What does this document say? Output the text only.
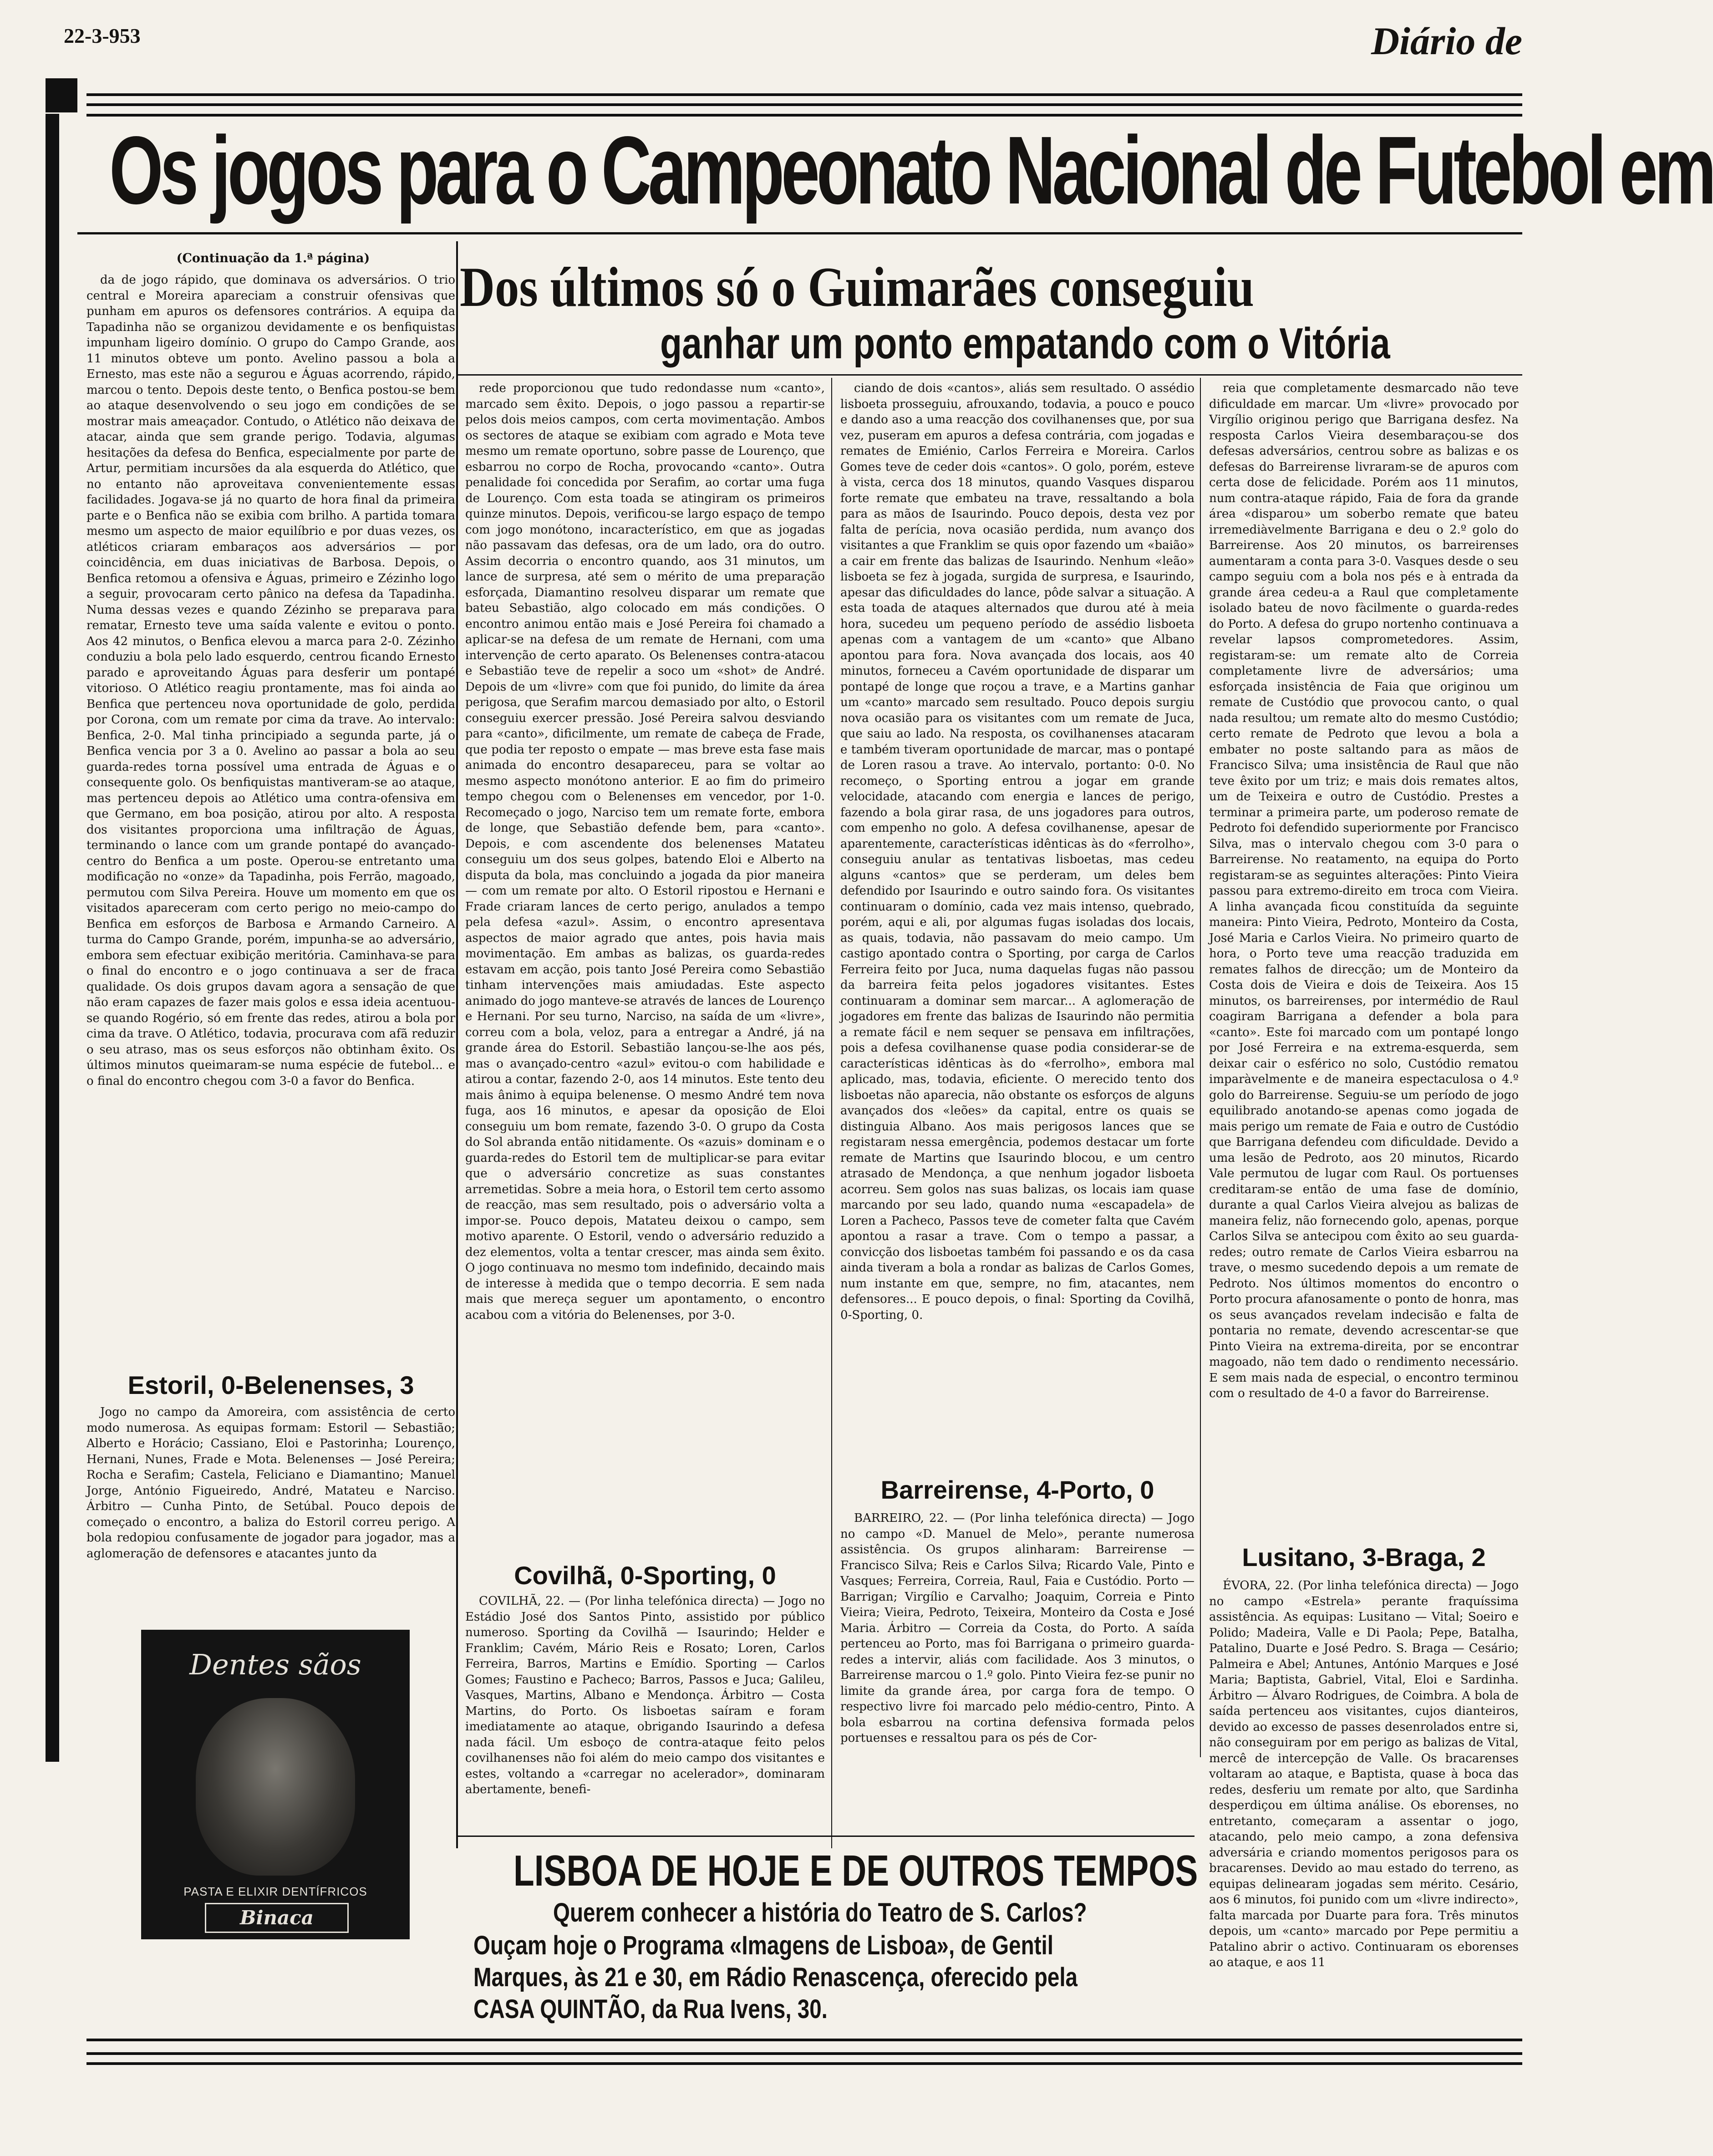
22-3-953	Diário de
Os jogos para o Campeonato Nacional de Futebol em
(Continuação da 1.ª página)

da de jogo rápido, que dominava os adversários. O trio central e Moreira apareciam a construir ofensivas que punham em apuros os defensores contrários. A equipa da Tapadinha não se organizou devidamente e os benfiquistas impunham ligeiro domínio. O grupo do Campo Grande, aos 11 minutos obteve um ponto. Avelino passou a bola a Ernesto, mas este não a segurou e Águas acorrendo, rápido, marcou o tento. Depois deste tento, o Benfica postou-se bem ao ataque desenvolvendo o seu jogo em condições de se mostrar mais ameaçador. Contudo, o Atlético não deixava de atacar, ainda que sem grande perigo. Todavia, algumas hesitações da defesa do Benfica, especialmente por parte de Artur, permitiam incursões da ala esquerda do Atlético, que no entanto não aproveitava convenientemente essas facilidades. Jogava-se já no quarto de hora final da primeira parte e o Benfica não se exibia com brilho. A partida tomara mesmo um aspecto de maior equilíbrio e por duas vezes, os atléticos criaram embaraços aos adversários — por coincidência, em duas iniciativas de Barbosa. Depois, o Benfica retomou a ofensiva e Águas, primeiro e Zézinho logo a seguir, provocaram certo pânico na defesa da Tapadinha. Numa dessas vezes e quando Zézinho se preparava para rematar, Ernesto teve uma saída valente e evitou o ponto. Aos 42 minutos, o Benfica elevou a marca para 2-0. Zézinho conduziu a bola pelo lado esquerdo, centrou ficando Ernesto parado e aproveitando Águas para desferir um pontapé vitorioso. O Atlético reagiu prontamente, mas foi ainda ao Benfica que pertenceu nova oportunidade de golo, perdida por Corona, com um remate por cima da trave. Ao intervalo: Benfica, 2-0. Mal tinha principiado a segunda parte, já o Benfica vencia por 3 a 0. Avelino ao passar a bola ao seu guarda-redes torna possível uma entrada de Águas e o consequente golo. Os benfiquistas mantiveram-se ao ataque, mas pertenceu depois ao Atlético uma contra-ofensiva em que Germano, em boa posição, atirou por alto. A resposta dos visitantes proporciona uma infiltração de Águas, terminando o lance com um grande pontapé do avançado-centro do Benfica a um poste. Operou-se entretanto uma modificação no «onze» da Tapadinha, pois Ferrão, magoado, permutou com Silva Pereira. Houve um momento em que os visitados apareceram com certo perigo no meio-campo do Benfica em esforços de Barbosa e Armando Carneiro. A turma do Campo Grande, porém, impunha-se ao adversário, embora sem efectuar exibição meritória. Caminhava-se para o final do encontro e o jogo continuava a ser de fraca qualidade. Os dois grupos davam agora a sensação de que não eram capazes de fazer mais golos e essa ideia acentuou-se quando Rogério, só em frente das redes, atirou a bola por cima da trave. O Atlético, todavia, procurava com afã reduzir o seu atraso, mas os seus esforços não obtinham êxito. Os últimos minutos queimaram-se numa espécie de futebol... e o final do encontro chegou com 3-0 a favor do Benfica.

Estoril, 0-Belenenses, 3

Jogo no campo da Amoreira, com assistência de certo modo numerosa. As equipas formam: Estoril — Sebastião; Alberto e Horácio; Cassiano, Eloi e Pastorinha; Lourenço, Hernani, Nunes, Frade e Mota. Belenenses — José Pereira; Rocha e Serafim; Castela, Feliciano e Diamantino; Manuel Jorge, António Figueiredo, André, Matateu e Narciso. Árbitro — Cunha Pinto, de Setúbal. Pouco depois de começado o encontro, a baliza do Estoril correu perigo. A bola redopiou confusamente de jogador para jogador, mas a aglomeração de defensores e atacantes junto da

Dentes sãos
PASTA E ELIXIR DENTÍFRICOS
Binaca
Dos últimos só o Guimarães conseguiu
ganhar um ponto empatando com o Vitória

rede proporcionou que tudo redondasse num «canto», marcado sem êxito. Depois, o jogo passou a repartir-se pelos dois meios campos, com certa movimentação. Ambos os sectores de ataque se exibiam com agrado e Mota teve mesmo um remate oportuno, sobre passe de Lourenço, que esbarrou no corpo de Rocha, provocando «canto». Outra penalidade foi concedida por Serafim, ao cortar uma fuga de Lourenço. Com esta toada se atingiram os primeiros quinze minutos. Depois, verificou-se largo espaço de tempo com jogo monótono, incaracterístico, em que as jogadas não passavam das defesas, ora de um lado, ora do outro. Assim decorria o encontro quando, aos 31 minutos, um lance de surpresa, até sem o mérito de uma preparação esforçada, Diamantino resolveu disparar um remate que bateu Sebastião, algo colocado em más condições. O encontro animou então mais e José Pereira foi chamado a aplicar-se na defesa de um remate de Hernani, com uma intervenção de certo aparato. Os Belenenses contra-atacou e Sebastião teve de repelir a soco um «shot» de André. Depois de um «livre» com que foi punido, do limite da área perigosa, que Serafim marcou demasiado por alto, o Estoril conseguiu exercer pressão. José Pereira salvou desviando para «canto», dificilmente, um remate de cabeça de Frade, que podia ter reposto o empate — mas breve esta fase mais animada do encontro desapareceu, para se voltar ao mesmo aspecto monótono anterior. E ao fim do primeiro tempo chegou com o Belenenses em vencedor, por 1-0. Recomeçado o jogo, Narciso tem um remate forte, embora de longe, que Sebastião defende bem, para «canto». Depois, e com ascendente dos belenenses Matateu conseguiu um dos seus golpes, batendo Eloi e Alberto na disputa da bola, mas concluindo a jogada da pior maneira — com um remate por alto. O Estoril ripostou e Hernani e Frade criaram lances de certo perigo, anulados a tempo pela defesa «azul». Assim, o encontro apresentava aspectos de maior agrado que antes, pois havia mais movimentação. Em ambas as balizas, os guarda-redes estavam em acção, pois tanto José Pereira como Sebastião tinham intervenções mais amiudadas. Este aspecto animado do jogo manteve-se através de lances de Lourenço e Hernani. Por seu turno, Narciso, na saída de um «livre», correu com a bola, veloz, para a entregar a André, já na grande área do Estoril. Sebastião lançou-se-lhe aos pés, mas o avançado-centro «azul» evitou-o com habilidade e atirou a contar, fazendo 2-0, aos 14 minutos. Este tento deu mais ânimo à equipa belenense. O mesmo André tem nova fuga, aos 16 minutos, e apesar da oposição de Eloi conseguiu um bom remate, fazendo 3-0. O grupo da Costa do Sol abranda então nitidamente. Os «azuis» dominam e o guarda-redes do Estoril tem de multiplicar-se para evitar que o adversário concretize as suas constantes arremetidas. Sobre a meia hora, o Estoril tem certo assomo de reacção, mas sem resultado, pois o adversário volta a impor-se. Pouco depois, Matateu deixou o campo, sem motivo aparente. O Estoril, vendo o adversário reduzido a dez elementos, volta a tentar crescer, mas ainda sem êxito. O jogo continuava no mesmo tom indefinido, decaindo mais de interesse à medida que o tempo decorria. E sem nada mais que mereça seguer um apontamento, o encontro acabou com a vitória do Belenenses, por 3-0.

Covilhã, 0-Sporting, 0

COVILHÃ, 22. — (Por linha telefónica directa) — Jogo no Estádio José dos Santos Pinto, assistido por público numeroso. Sporting da Covilhã — Isaurindo; Helder e Franklim; Cavém, Mário Reis e Rosato; Loren, Carlos Ferreira, Barros, Martins e Emídio. Sporting — Carlos Gomes; Faustino e Pacheco; Barros, Passos e Juca; Galileu, Vasques, Martins, Albano e Mendonça. Árbitro — Costa Martins, do Porto. Os lisboetas saíram e foram imediatamente ao ataque, obrigando Isaurindo a defesa nada fácil. Um esboço de contra-ataque feito pelos covilhanenses não foi além do meio campo dos visitantes e estes, voltando a «carregar no acelerador», dominaram abertamente, benefi-

ciando de dois «cantos», aliás sem resultado. O assédio lisboeta prosseguiu, afrouxando, todavia, a pouco e pouco e dando aso a uma reacção dos covilhanenses que, por sua vez, puseram em apuros a defesa contrária, com jogadas e remates de Emiénio, Carlos Ferreira e Moreira. Carlos Gomes teve de ceder dois «cantos». O golo, porém, esteve à vista, cerca dos 18 minutos, quando Vasques disparou forte remate que embateu na trave, ressaltando a bola para as mãos de Isaurindo. Pouco depois, desta vez por falta de perícia, nova ocasião perdida, num avanço dos visitantes a que Franklim se quis opor fazendo um «baião» a cair em frente das balizas de Isaurindo. Nenhum «leão» lisboeta se fez à jogada, surgida de surpresa, e Isaurindo, apesar das dificuldades do lance, pôde salvar a situação. A esta toada de ataques alternados que durou até à meia hora, sucedeu um pequeno período de assédio lisboeta apenas com a vantagem de um «canto» que Albano apontou para fora. Nova avançada dos locais, aos 40 minutos, forneceu a Cavém oportunidade de disparar um pontapé de longe que roçou a trave, e a Martins ganhar um «canto» marcado sem resultado. Pouco depois surgiu nova ocasião para os visitantes com um remate de Juca, que saiu ao lado. Na resposta, os covilhanenses atacaram e também tiveram oportunidade de marcar, mas o pontapé de Loren rasou a trave. Ao intervalo, portanto: 0-0. No recomeço, o Sporting entrou a jogar em grande velocidade, atacando com energia e lances de perigo, fazendo a bola girar rasa, de uns jogadores para outros, com empenho no golo. A defesa covilhanense, apesar de aparentemente, características idênticas às do «ferrolho», conseguiu anular as tentativas lisboetas, mas cedeu alguns «cantos» que se perderam, um deles bem defendido por Isaurindo e outro saindo fora. Os visitantes continuaram o domínio, cada vez mais intenso, quebrado, porém, aqui e ali, por algumas fugas isoladas dos locais, as quais, todavia, não passavam do meio campo. Um castigo apontado contra o Sporting, por carga de Carlos Ferreira feito por Juca, numa daquelas fugas não passou da barreira feita pelos jogadores visitantes. Estes continuaram a dominar sem marcar... A aglomeração de jogadores em frente das balizas de Isaurindo não permitia a remate fácil e nem sequer se pensava em infiltrações, pois a defesa covilhanense quase podia considerar-se de características idênticas às do «ferrolho», embora mal aplicado, mas, todavia, eficiente. O merecido tento dos lisboetas não aparecia, não obstante os esforços de alguns avançados dos «leões» da capital, entre os quais se distinguia Albano. Aos mais perigosos lances que se registaram nessa emergência, podemos destacar um forte remate de Martins que Isaurindo blocou, e um centro atrasado de Mendonça, a que nenhum jogador lisboeta acorreu. Sem golos nas suas balizas, os locais iam quase marcando por seu lado, quando numa «escapadela» de Loren a Pacheco, Passos teve de cometer falta que Cavém apontou a rasar a trave. Com o tempo a passar, a convicção dos lisboetas também foi passando e os da casa ainda tiveram a bola a rondar as balizas de Carlos Gomes, num instante em que, sempre, no fim, atacantes, nem defensores... E pouco depois, o final: Sporting da Covilhã, 0-Sporting, 0.

Barreirense, 4-Porto, 0

BARREIRO, 22. — (Por linha telefónica directa) — Jogo no campo «D. Manuel de Melo», perante numerosa assistência. Os grupos alinharam: Barreirense — Francisco Silva; Reis e Carlos Silva; Ricardo Vale, Pinto e Vasques; Ferreira, Correia, Raul, Faia e Custódio. Porto — Barrigan; Virgílio e Carvalho; Joaquim, Correia e Pinto Vieira; Vieira, Pedroto, Teixeira, Monteiro da Costa e José Maria. Árbitro — Correia da Costa, do Porto. A saída pertenceu ao Porto, mas foi Barrigana o primeiro guarda-redes a intervir, aliás com facilidade. Aos 3 minutos, o Barreirense marcou o 1.º golo. Pinto Vieira fez-se punir no limite da grande área, por carga fora de tempo. O respectivo livre foi marcado pelo médio-centro, Pinto. A bola esbarrou na cortina defensiva formada pelos portuenses e ressaltou para os pés de Cor-

reia que completamente desmarcado não teve dificuldade em marcar. Um «livre» provocado por Virgílio originou perigo que Barrigana desfez. Na resposta Carlos Vieira desembaraçou-se dos defesas adversários, centrou sobre as balizas e os defesas do Barreirense livraram-se de apuros com certa dose de felicidade. Porém aos 11 minutos, num contra-ataque rápido, Faia de fora da grande área «disparou» um soberbo remate que bateu irremediàvelmente Barrigana e deu o 2.º golo do Barreirense. Aos 20 minutos, os barreirenses aumentaram a conta para 3-0. Vasques desde o seu campo seguiu com a bola nos pés e à entrada da grande área cedeu-a a Raul que completamente isolado bateu de novo fàcilmente o guarda-redes do Porto. A defesa do grupo nortenho continuava a revelar lapsos comprometedores. Assim, registaram-se: um remate alto de Correia completamente livre de adversários; uma esforçada insistência de Faia que originou um remate de Custódio que provocou canto, o qual nada resultou; um remate alto do mesmo Custódio; certo remate de Pedroto que levou a bola a embater no poste saltando para as mãos de Francisco Silva; uma insistência de Raul que não teve êxito por um triz; e mais dois remates altos, um de Teixeira e outro de Custódio. Prestes a terminar a primeira parte, um poderoso remate de Pedroto foi defendido superiormente por Francisco Silva, mas o intervalo chegou com 3-0 para o Barreirense. No reatamento, na equipa do Porto registaram-se as seguintes alterações: Pinto Vieira passou para extremo-direito em troca com Vieira. A linha avançada ficou constituída da seguinte maneira: Pinto Vieira, Pedroto, Monteiro da Costa, José Maria e Carlos Vieira. No primeiro quarto de hora, o Porto teve uma reacção traduzida em remates falhos de direcção; um de Monteiro da Costa dois de Vieira e dois de Teixeira. Aos 15 minutos, os barreirenses, por intermédio de Raul coagiram Barrigana a defender a bola para «canto». Este foi marcado com um pontapé longo por José Ferreira e na extrema-esquerda, sem deixar cair o esférico no solo, Custódio rematou imparàvelmente e de maneira espectaculosa o 4.º golo do Barreirense. Seguiu-se um período de jogo equilibrado anotando-se apenas como jogada de mais perigo um remate de Faia e outro de Custódio que Barrigana defendeu com dificuldade. Devido a uma lesão de Pedroto, aos 20 minutos, Ricardo Vale permutou de lugar com Raul. Os portuenses creditaram-se então de uma fase de domínio, durante a qual Carlos Vieira alvejou as balizas de maneira feliz, não fornecendo golo, apenas, porque Carlos Silva se antecipou com êxito ao seu guarda-redes; outro remate de Carlos Vieira esbarrou na trave, o mesmo sucedendo depois a um remate de Pedroto. Nos últimos momentos do encontro o Porto procura afanosamente o ponto de honra, mas os seus avançados revelam indecisão e falta de pontaria no remate, devendo acrescentar-se que Pinto Vieira na extrema-direita, por se encontrar magoado, não tem dado o rendimento necessário. E sem mais nada de especial, o encontro terminou com o resultado de 4-0 a favor do Barreirense.

Lusitano, 3-Braga, 2

ÉVORA, 22. (Por linha telefónica directa) — Jogo no campo «Estrela» perante fraquíssima assistência. As equipas: Lusitano — Vital; Soeiro e Polido; Madeira, Valle e Di Paola; Pepe, Batalha, Patalino, Duarte e José Pedro. S. Braga — Cesário; Palmeira e Abel; Antunes, António Marques e José Maria; Baptista, Gabriel, Vital, Eloi e Sardinha. Árbitro — Álvaro Rodrigues, de Coimbra. A bola de saída pertenceu aos visitantes, cujos dianteiros, devido ao excesso de passes desenrolados entre si, não conseguiram por em perigo as balizas de Vital, mercê de intercepção de Valle. Os bracarenses voltaram ao ataque, e Baptista, quase à boca das redes, desferiu um remate por alto, que Sardinha desperdiçou em última análise. Os eborenses, no entretanto, começaram a assentar o jogo, atacando, pelo meio campo, a zona defensiva adversária e criando momentos perigosos para os bracarenses. Devido ao mau estado do terreno, as equipas delinearam jogadas sem mérito. Cesário, aos 6 minutos, foi punido com um «livre indirecto», falta marcada por Duarte para fora. Três minutos depois, um «canto» marcado por Pepe permitiu a Patalino abrir o activo. Continuaram os eborenses ao ataque, e aos 11

LISBOA DE HOJE E DE OUTROS TEMPOS
Querem conhecer a história do Teatro de S. Carlos?
Ouçam hoje o Programa «Imagens de Lisboa», de Gentil
Marques, às 21 e 30, em Rádio Renascença, oferecido pela
CASA QUINTÃO, da Rua Ivens, 30.
